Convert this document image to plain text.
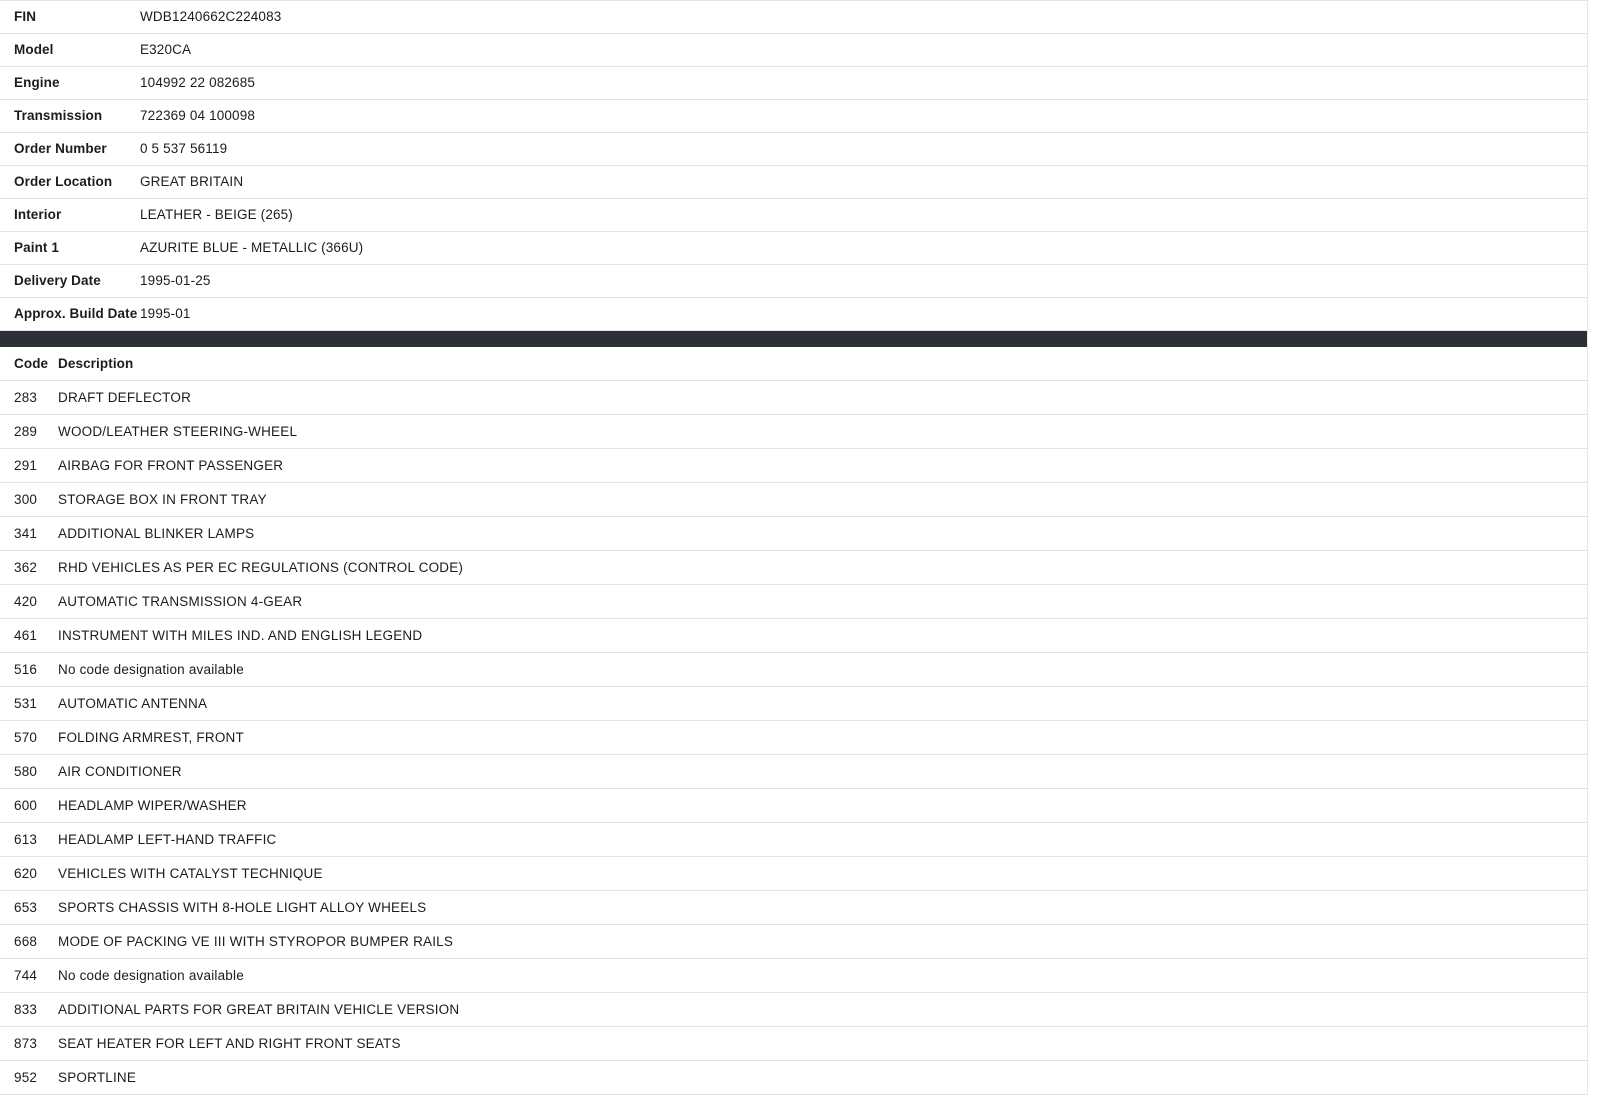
FIN	WDB1240662C224083
Model	E320CA
Engine	104992 22 082685
Transmission	722369 04 100098
Order Number	0 5 537 56119
Order Location	GREAT BRITAIN
Interior	LEATHER - BEIGE (265)
Paint 1	AZURITE BLUE - METALLIC (366U)
Delivery Date	1995-01-25
Approx. Build Date	1995-01
Code	Description
283	DRAFT DEFLECTOR
289	WOOD/LEATHER STEERING-WHEEL
291	AIRBAG FOR FRONT PASSENGER
300	STORAGE BOX IN FRONT TRAY
341	ADDITIONAL BLINKER LAMPS
362	RHD VEHICLES AS PER EC REGULATIONS (CONTROL CODE)
420	AUTOMATIC TRANSMISSION 4-GEAR
461	INSTRUMENT WITH MILES IND. AND ENGLISH LEGEND
516	No code designation available
531	AUTOMATIC ANTENNA
570	FOLDING ARMREST, FRONT
580	AIR CONDITIONER
600	HEADLAMP WIPER/WASHER
613	HEADLAMP LEFT-HAND TRAFFIC
620	VEHICLES WITH CATALYST TECHNIQUE
653	SPORTS CHASSIS WITH 8-HOLE LIGHT ALLOY WHEELS
668	MODE OF PACKING VE III WITH STYROPOR BUMPER RAILS
744	No code designation available
833	ADDITIONAL PARTS FOR GREAT BRITAIN VEHICLE VERSION
873	SEAT HEATER FOR LEFT AND RIGHT FRONT SEATS
952	SPORTLINE
